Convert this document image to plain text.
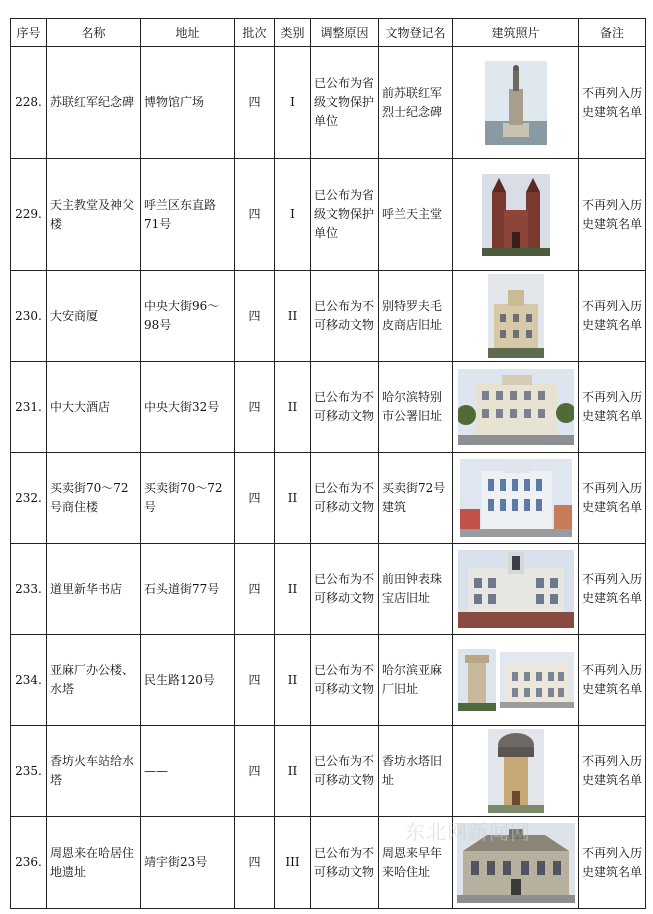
序号	名称	地址	批次	类别	调整原因	文物登记名	建筑照片	备注
228.	苏联红军纪念碑	博物馆广场	四	I	已公布为省级文物保护单位	前苏联红军烈士纪念碑		不再列入历史建筑名单
229.	天主教堂及神父楼	呼兰区东直路71号	四	I	已公布为省级文物保护单位	呼兰天主堂		不再列入历史建筑名单
230.	大安商厦	中央大街96～98号	四	II	已公布为不可移动文物	别特罗夫毛皮商店旧址		不再列入历史建筑名单
231.	中大大酒店	中央大街32号	四	II	已公布为不可移动文物	哈尔滨特别市公署旧址		不再列入历史建筑名单
232.	买卖街70～72号商住楼	买卖街70～72号	四	II	已公布为不可移动文物	买卖街72号建筑		不再列入历史建筑名单
233.	道里新华书店	石头道街77号	四	II	已公布为不可移动文物	前田钟表珠宝店旧址		不再列入历史建筑名单
234.	亚麻厂办公楼、水塔	民生路120号	四	II	已公布为不可移动文物	哈尔滨亚麻厂旧址		不再列入历史建筑名单
235.	香坊火车站给水塔	——	四	II	已公布为不可移动文物	香坊水塔旧址		不再列入历史建筑名单
236.	周恩来在哈居住地遗址	靖宇街23号	四	III	已公布为不可移动文物	周恩来早年来哈住址		不再列入历史建筑名单
东北网新闻网
